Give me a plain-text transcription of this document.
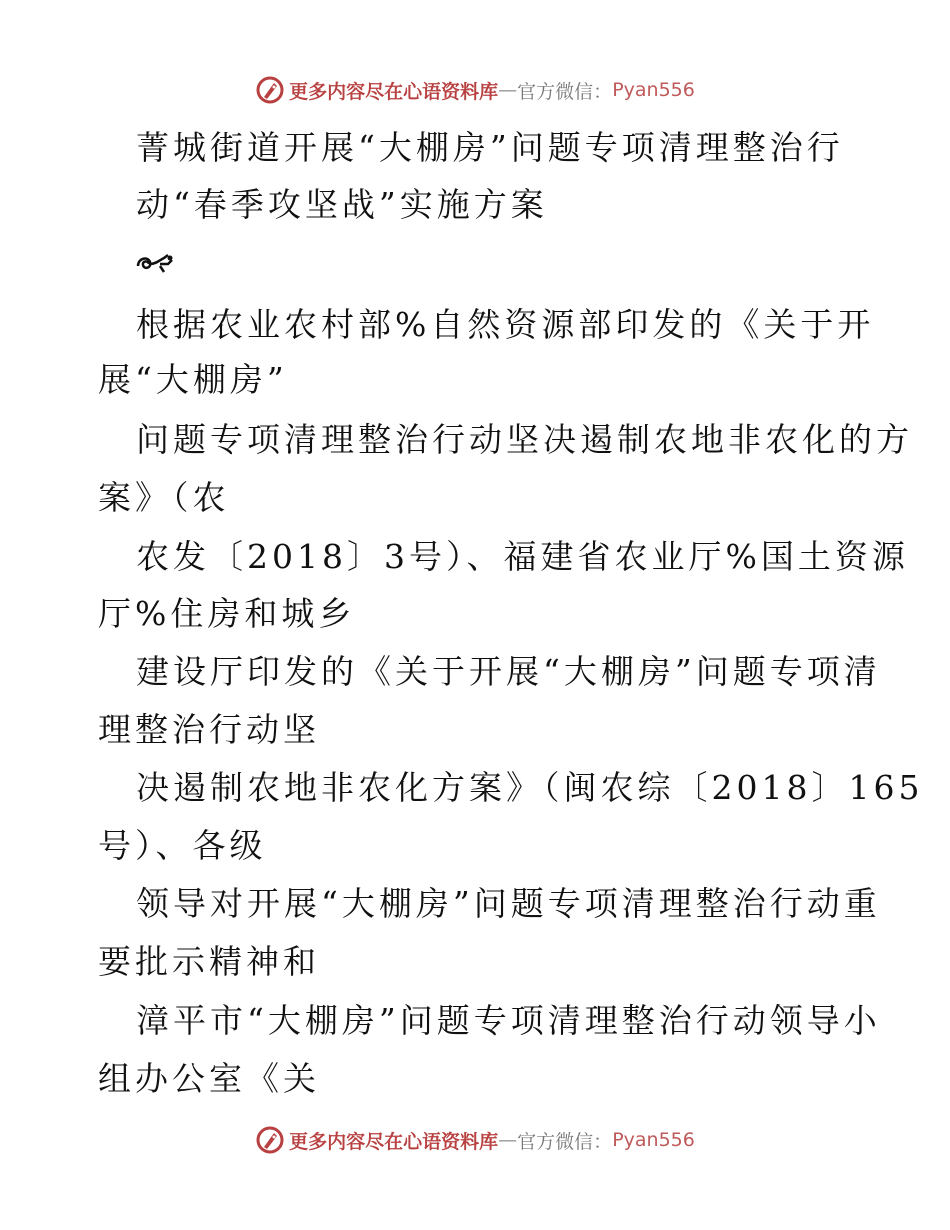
更多内容尽在心语资料库 — 官方微信： Pyan556
菁城街道开展“大棚房”问题专项清理整治行
动“春季攻坚战”实施方案
根据农业农村部%自然资源部印发的《关于开
展“大棚房”
问题专项清理整治行动坚决遏制农地非农化的方
案》（农
农发〔2018〕3号）、福建省农业厅%国土资源
厅%住房和城乡
建设厅印发的《关于开展“大棚房”问题专项清
理整治行动坚
决遏制农地非农化方案》（闽农综〔2018〕165
号）、各级
领导对开展“大棚房”问题专项清理整治行动重
要批示精神和
漳平市“大棚房”问题专项清理整治行动领导小
组办公室《关
更多内容尽在心语资料库 — 官方微信： Pyan556
